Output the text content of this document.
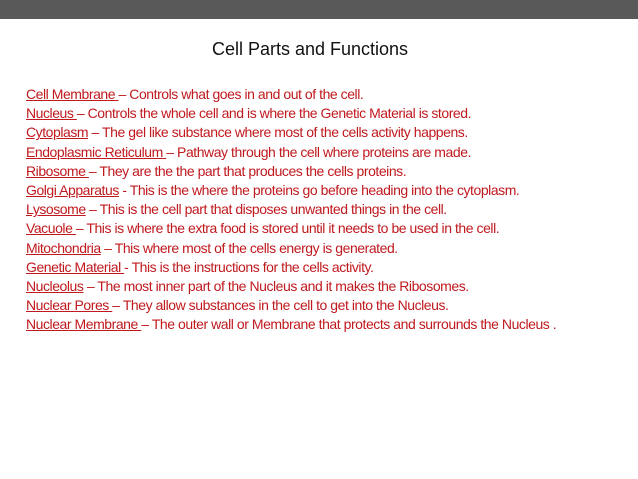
Cell Parts and Functions

Cell Membrane – Controls what goes in and out of the cell.

Nucleus – Controls the whole cell and is where the Genetic Material is stored.

Cytoplasm – The gel like substance where most of the cells activity happens.

Endoplasmic Reticulum – Pathway through the cell where proteins are made.

Ribosome – They are the the part that produces the cells proteins.

Golgi Apparatus - This is the where the proteins go before heading into the cytoplasm.

Lysosome – This is the cell part that disposes unwanted things in the cell.

Vacuole – This is where the extra food is stored until it needs to be used in the cell.

Mitochondria – This where most of the cells energy is generated.

Genetic Material - This is the instructions for the cells activity.

Nucleolus – The most inner part of the Nucleus and it makes the Ribosomes.

Nuclear Pores – They allow substances in the cell to get into the Nucleus.

Nuclear Membrane – The outer wall or Membrane that protects and surrounds the Nucleus .
